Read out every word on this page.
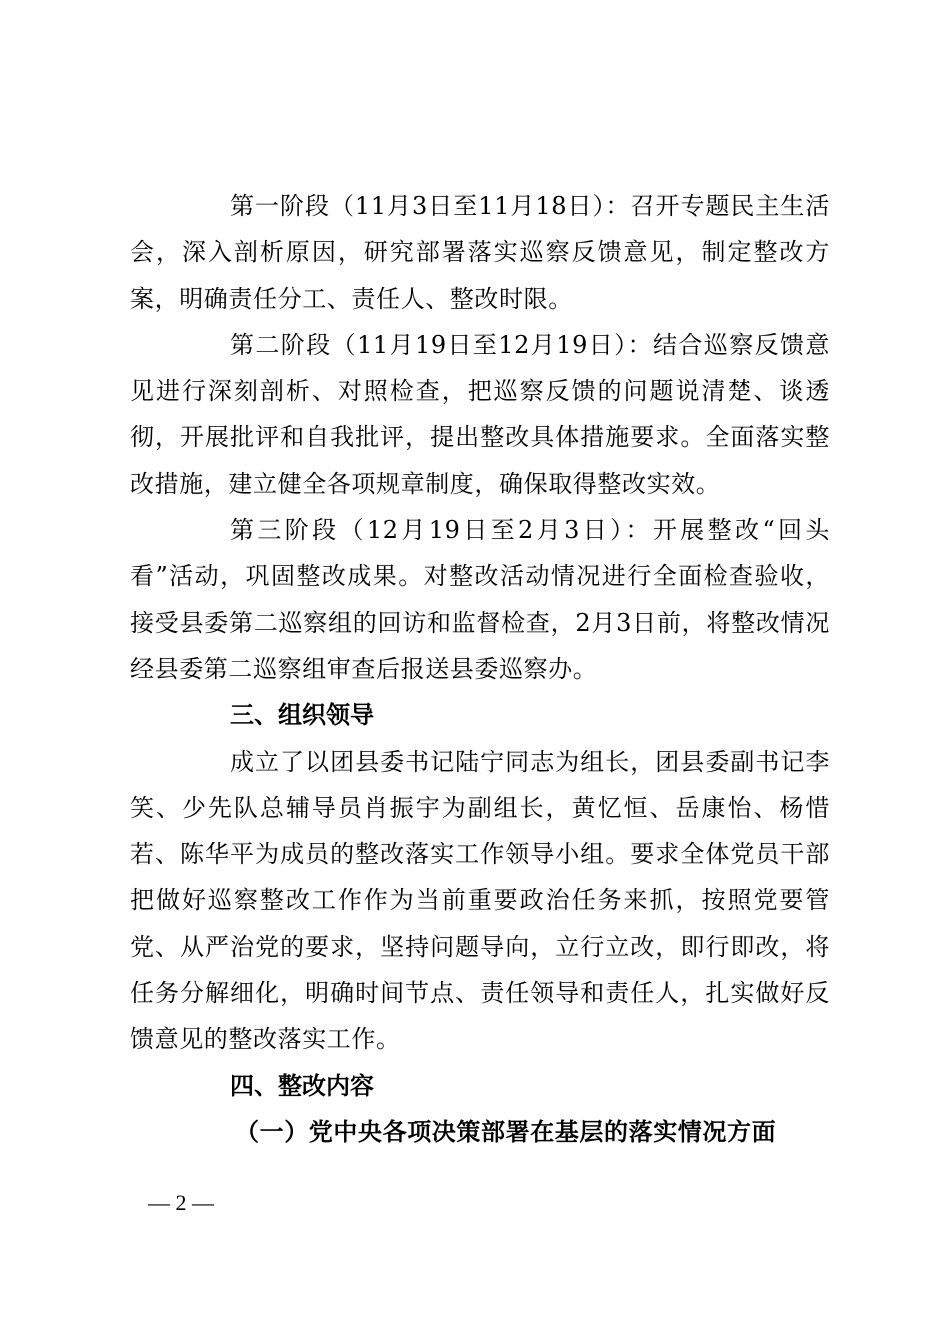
第一阶段（11月3日至11月18日）：召开专题民主生活会，深入剖析原因，研究部署落实巡察反馈意见，制定整改方案，明确责任分工、责任人、整改时限。

第二阶段（11月19日至12月19日）：结合巡察反馈意见进行深刻剖析、对照检查，把巡察反馈的问题说清楚、谈透彻，开展批评和自我批评，提出整改具体措施要求。全面落实整改措施，建立健全各项规章制度，确保取得整改实效。

第三阶段（12月19日至2月3日）：开展整改“回头看”活动，巩固整改成果。对整改活动情况进行全面检查验收，接受县委第二巡察组的回访和监督检查，2月3日前，将整改情况经县委第二巡察组审查后报送县委巡察办。

三、组织领导

成立了以团县委书记陆宁同志为组长，团县委副书记李笑、少先队总辅导员肖振宇为副组长，黄忆恒、岳康怡、杨惜若、陈华平为成员的整改落实工作领导小组。要求全体党员干部把做好巡察整改工作作为当前重要政治任务来抓，按照党要管党、从严治党的要求，坚持问题导向，立行立改，即行即改，将任务分解细化，明确时间节点、责任领导和责任人，扎实做好反馈意见的整改落实工作。

四、整改内容

（一）党中央各项决策部署在基层的落实情况方面

— 2 —
